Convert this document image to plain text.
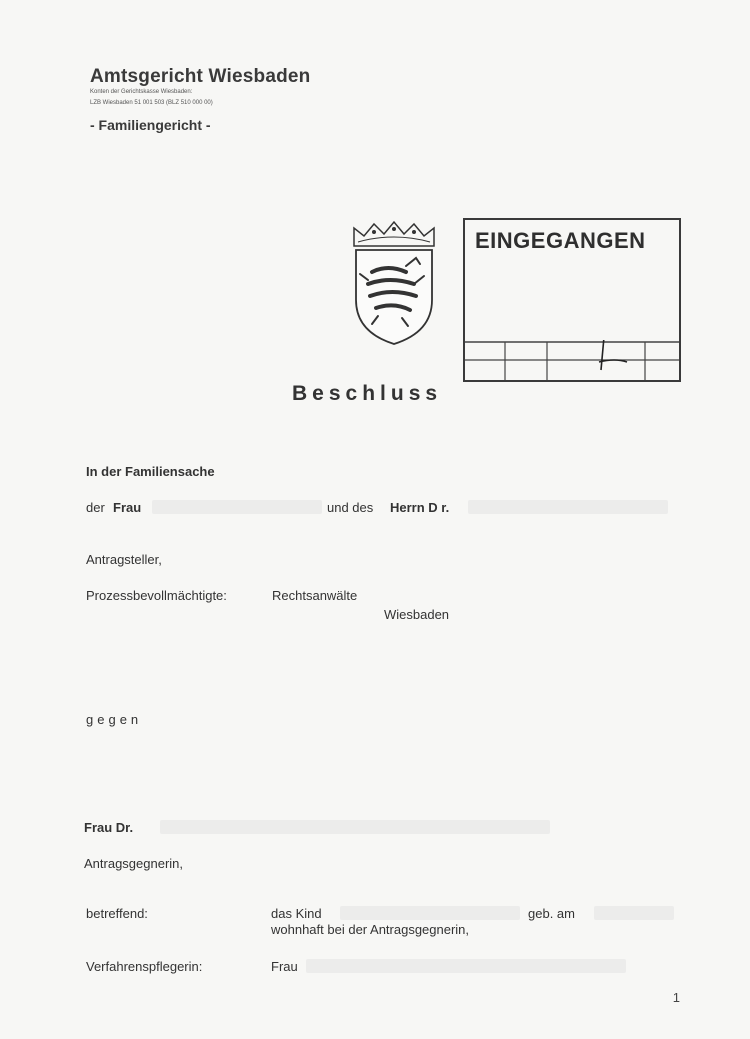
Amtsgericht Wiesbaden
Konten der Gerichtskasse Wiesbaden:
LZB Wiesbaden 51 001 503 (BLZ 510 000 00)
- Familiengericht -
EINGEGANGEN
Beschluss
In der Familiensache
der Frau	und des Herrn D r.
Antragsteller,
Prozessbevollmächtigte:	Rechtsanwälte
Wiesbaden
gegen
Frau Dr.
Antragsgegnerin,
betreffend:	das Kind	geb. am
wohnhaft bei der Antragsgegnerin,
Verfahrenspflegerin:	Frau
1
